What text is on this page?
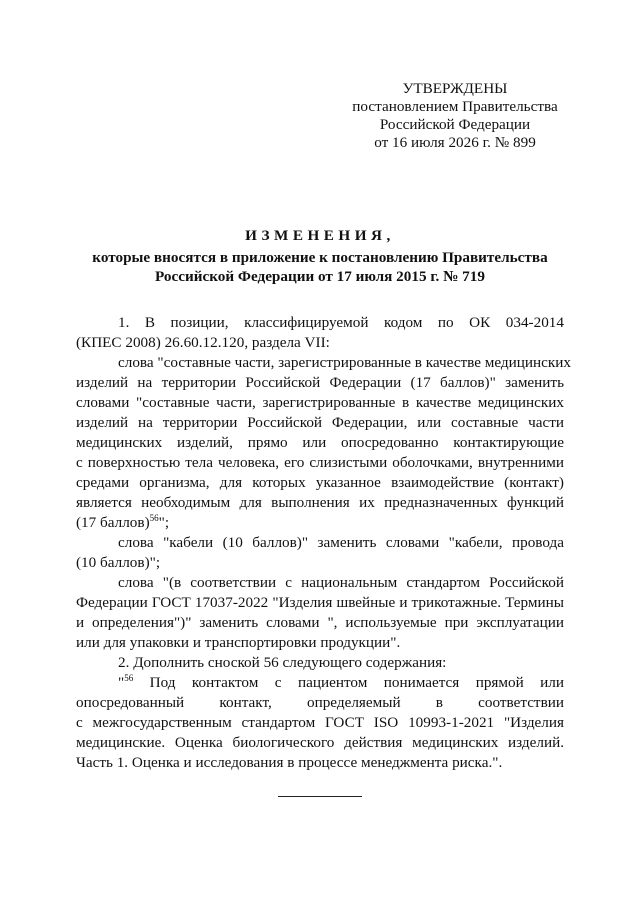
УТВЕРЖДЕНЫ
постановлением Правительства
Российской Федерации
от 16 июля 2026 г. № 899
ИЗМЕНЕНИЯ,
которые вносятся в приложение к постановлению Правительства
Российской Федерации от 17 июля 2015 г. № 719
1. В позиции, классифицируемой кодом по ОК 034-2014
(КПЕС 2008) 26.60.12.120, раздела VII:
слова "составные части, зарегистрированные в качестве медицинских
изделий на территории Российской Федерации (17 баллов)" заменить
словами "составные части, зарегистрированные в качестве медицинских
изделий на территории Российской Федерации, или составные части
медицинских изделий, прямо или опосредованно контактирующие
с поверхностью тела человека, его слизистыми оболочками, внутренними
средами организма, для которых указанное взаимодействие (контакт)
является необходимым для выполнения их предназначенных функций
(17 баллов)$^{56}$";
слова "кабели (10 баллов)" заменить словами "кабели, провода
(10 баллов)";
слова "(в соответствии с национальным стандартом Российской
Федерации ГОСТ 17037-2022 "Изделия швейные и трикотажные. Термины
и определения")" заменить словами ", используемые при эксплуатации
или для упаковки и транспортировки продукции".
2. Дополнить сноской 56 следующего содержания:
"$^{56}$ Под контактом с пациентом понимается прямой или
опосредованный контакт, определяемый в соответствии
с межгосударственным стандартом ГОСТ ISO 10993-1-2021 "Изделия
медицинские. Оценка биологического действия медицинских изделий.
Часть 1. Оценка и исследования в процессе менеджмента риска.".
